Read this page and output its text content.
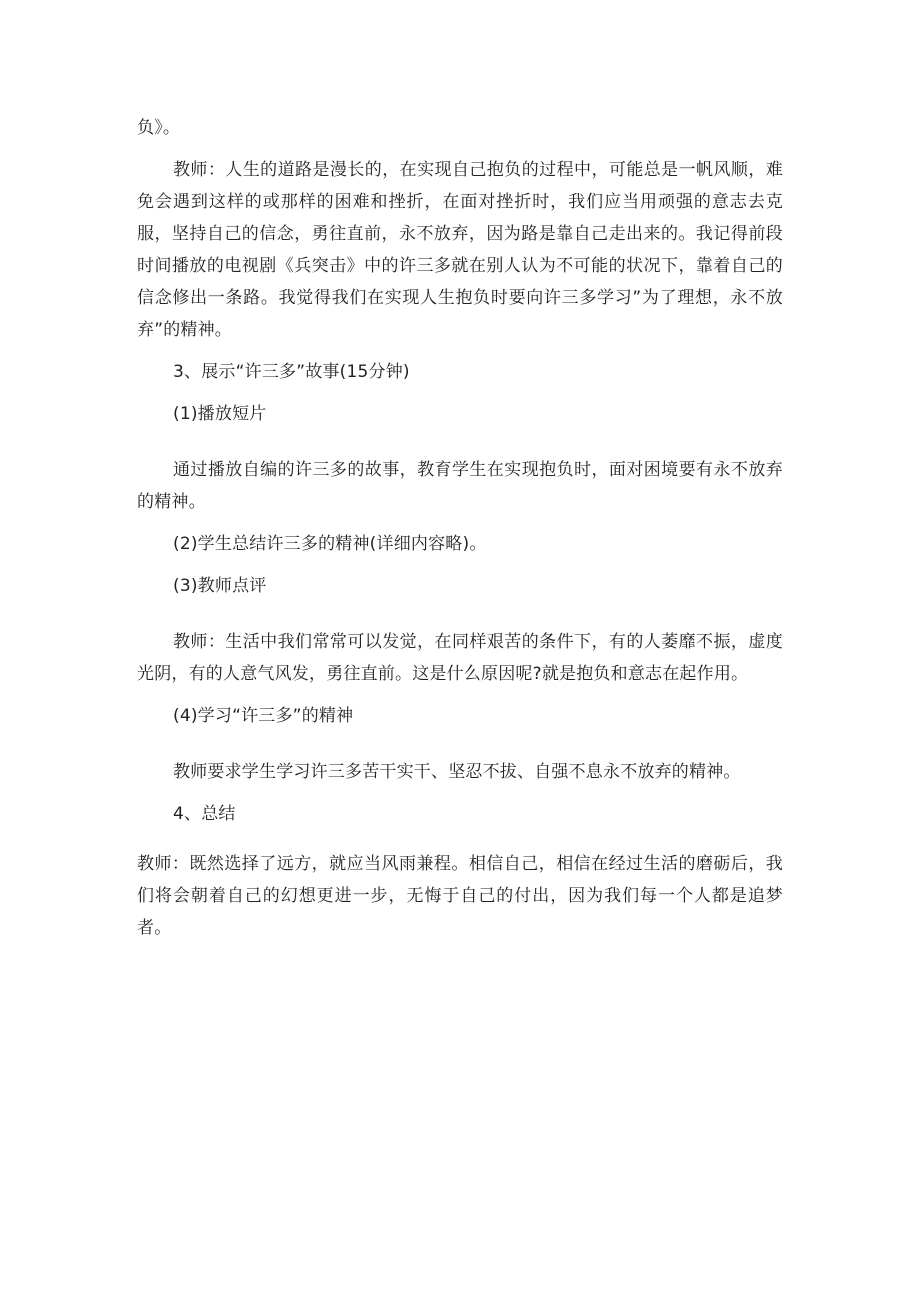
负》。

教师：人生的道路是漫长的，在实现自己抱负的过程中，可能总是一帆风顺，难免会遇到这样的或那样的困难和挫折，在面对挫折时，我们应当用顽强的意志去克服，坚持自己的信念，勇往直前，永不放弃，因为路是靠自己走出来的。我记得前段时间播放的电视剧《兵突击》中的许三多就在别人认为不可能的状况下，靠着自己的信念修出一条路。我觉得我们在实现人生抱负时要向许三多学习”为了理想，永不放弃”的精神。

3、展示“许三多”故事(15分钟)

(1)播放短片

通过播放自编的许三多的故事，教育学生在实现抱负时，面对困境要有永不放弃的精神。

(2)学生总结许三多的精神(详细内容略)。

(3)教师点评

教师：生活中我们常常可以发觉，在同样艰苦的条件下，有的人萎靡不振，虚度光阴，有的人意气风发，勇往直前。这是什么原因呢?就是抱负和意志在起作用。

(4)学习“许三多”的精神

教师要求学生学习许三多苦干实干、坚忍不拔、自强不息永不放弃的精神。

4、总结

教师：既然选择了远方，就应当风雨兼程。相信自己，相信在经过生活的磨砺后，我们将会朝着自己的幻想更进一步，无悔于自己的付出，因为我们每一个人都是追梦者。
